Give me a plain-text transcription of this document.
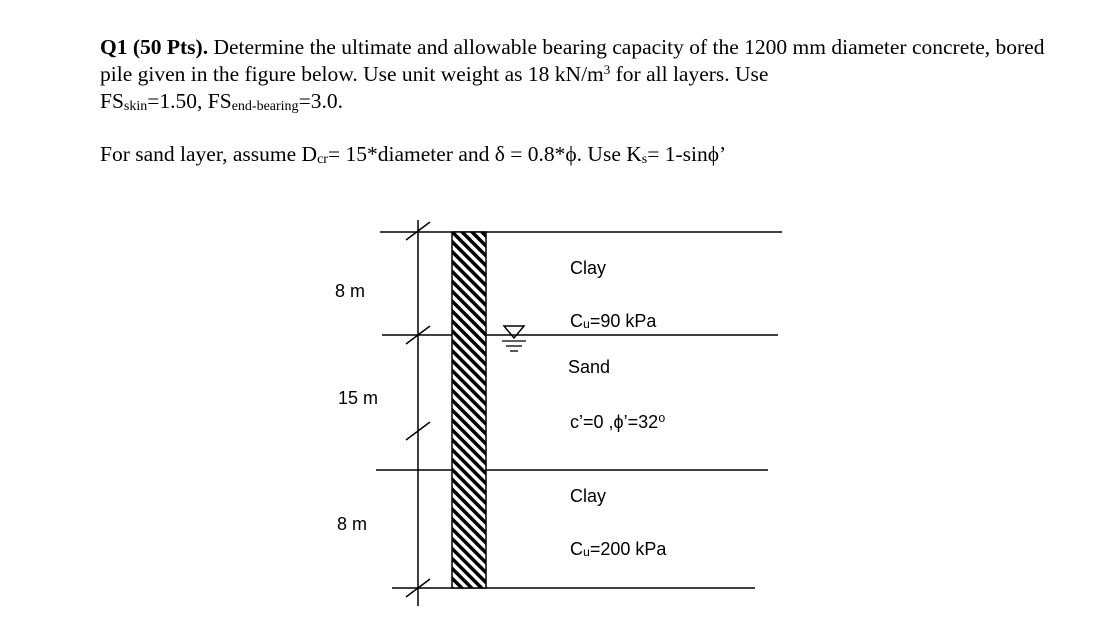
Q1 (50 Pts). Determine the ultimate and allowable bearing capacity of the 1200 mm diameter concrete, bored pile given in the figure below. Use unit weight as 18 $kN/m^3$ for all layers. Use
$FS_{skin}=1.50$, $FS_{end-bearing}=3.0$.

For sand layer, assume $D_{cr}=$ 15*diameter and δ = 0.8*ϕ. Use $K_s= 1-\sin\phi$’

8 m
15 m
8 m
Clay
Cᵤ=90 kPa
Sand
c’=0 ,ϕ’=32⁰
Clay
Cᵤ=200 kPa
